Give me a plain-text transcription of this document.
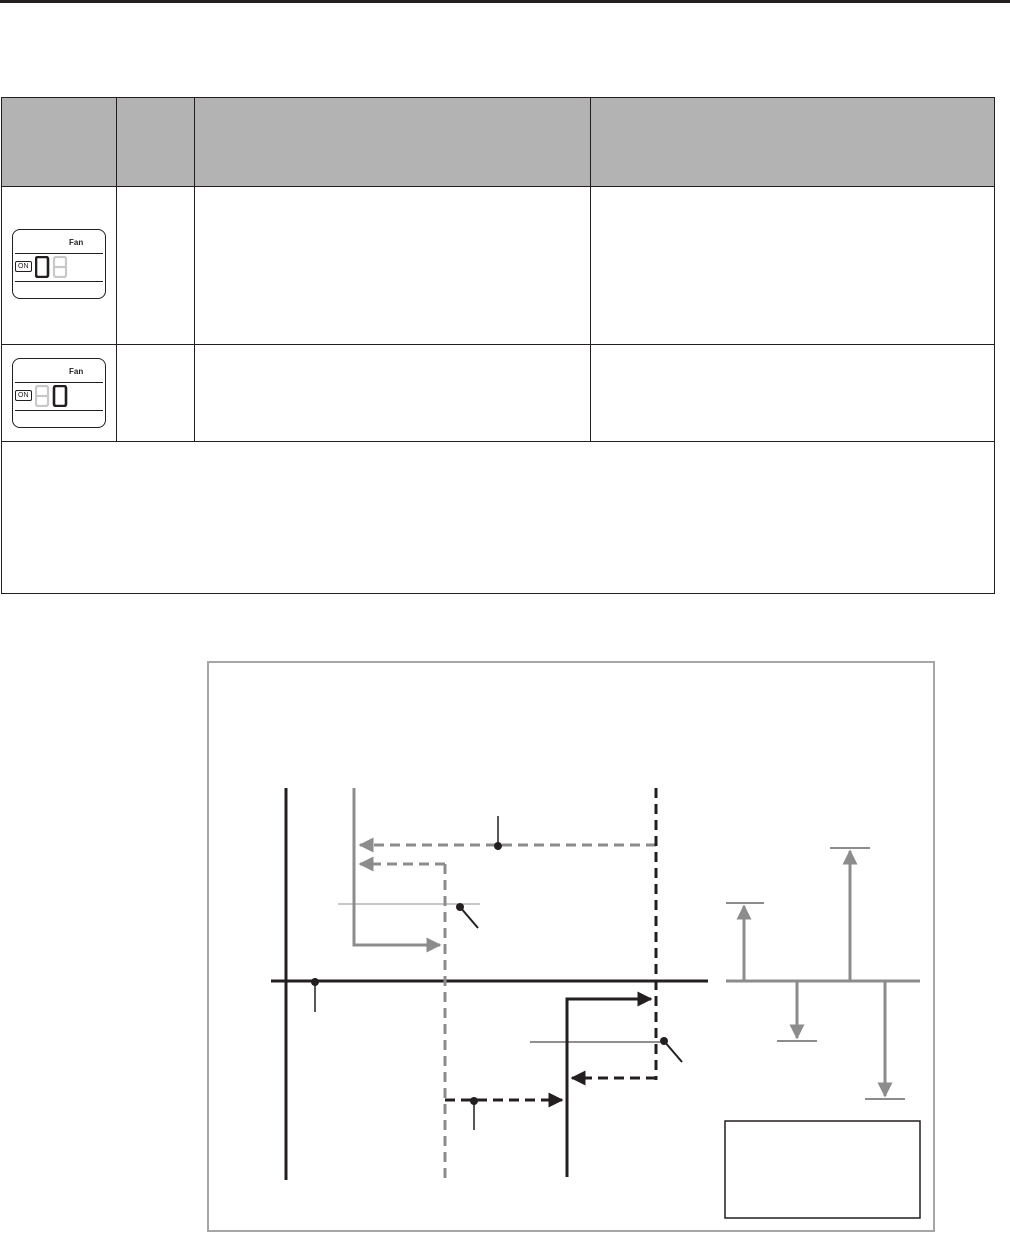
Fan
ON			

Fan
ON			
